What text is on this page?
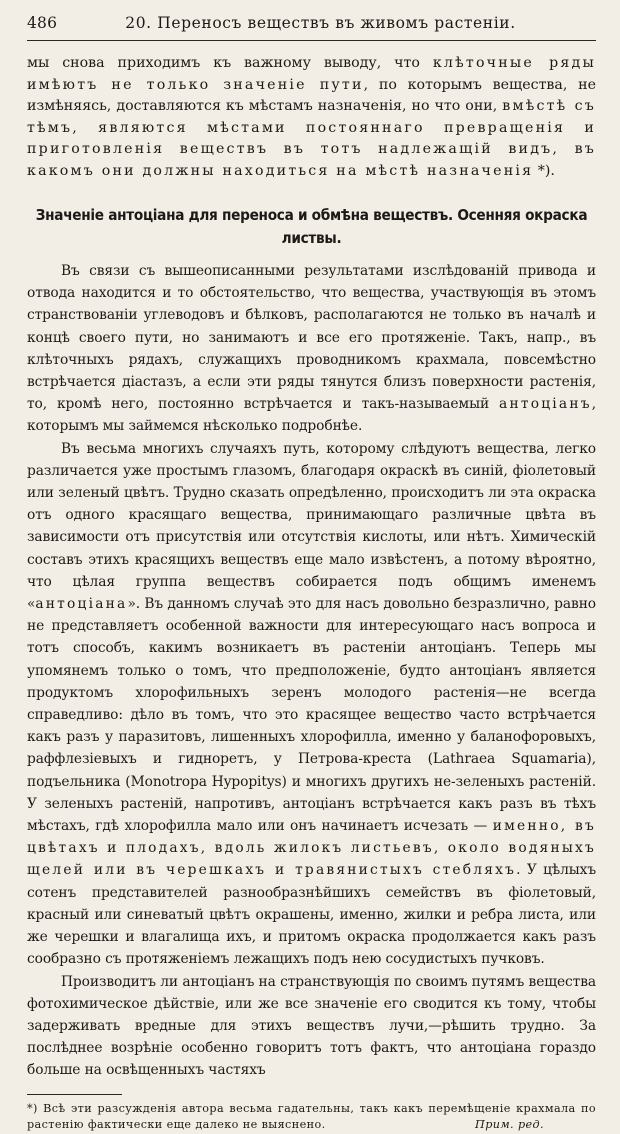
486	20. Переносъ веществъ въ живомъ растеніи.
мы снова приходимъ къ важному выводу, что клѣточные ряды имѣютъ не только значеніе пути, по которымъ вещества, не измѣняясь, доставляются къ мѣстамъ назначенія, но что они, вмѣстѣ съ тѣмъ, являются мѣстами постояннаго превращенія и приготовленія веществъ въ тотъ надлежащій видъ, въ какомъ они должны находиться на мѣстѣ назначенія *).
Значеніе антоціана для переноса и обмѣна веществъ. Осенняя окраска листвы.

Въ связи съ вышеописанными результатами изслѣдованій привода и отвода находится и то обстоятельство, что вещества, участвующія въ этомъ странствованіи углеводовъ и бѣлковъ, располагаются не только въ началѣ и концѣ своего пути, но занимаютъ и все его протяженіе. Такъ, напр., въ клѣточныхъ рядахъ, служащихъ проводникомъ крахмала, повсемѣстно встрѣчается діастазъ, а если эти ряды тянутся близъ поверхности растенія, то, кромѣ него, постоянно встрѣчается и такъ-называемый антоціанъ, которымъ мы займемся нѣсколько подробнѣе.

Въ весьма многихъ случаяхъ путь, которому слѣдуютъ вещества, легко различается уже простымъ глазомъ, благодаря окраскѣ въ синій, фіолетовый или зеленый цвѣтъ. Трудно сказать опредѣленно, происходитъ ли эта окраска отъ одного красящаго вещества, принимающаго различные цвѣта въ зависимости отъ присутствія или отсутствія кислоты, или нѣтъ. Химическій составъ этихъ красящихъ веществъ еще мало извѣстенъ, а потому вѣроятно, что цѣлая группа веществъ собирается подъ общимъ именемъ «антоціана». Въ данномъ случаѣ это для насъ довольно безразлично, равно не представляетъ особенной важности для интересующаго насъ вопроса и тотъ способъ, какимъ возникаетъ въ растеніи антоціанъ. Теперь мы упомянемъ только о томъ, что предположеніе, будто антоціанъ является продуктомъ хлорофильныхъ зеренъ молодого растенія—не всегда справедливо: дѣло въ томъ, что это красящее вещество часто встрѣчается какъ разъ у паразитовъ, лишенныхъ хлорофилла, именно у баланофоровыхъ, раффлезіевыхъ и гидноретъ, у Петрова-креста (Lathraea Squamaria), подъельника (Monotropa Hypopitys) и многихъ другихъ не-зеленыхъ растеній. У зеленыхъ растеній, напротивъ, антоціанъ встрѣчается какъ разъ въ тѣхъ мѣстахъ, гдѣ хлорофилла мало или онъ начинаетъ исчезать — именно, въ цвѣтахъ и плодахъ, вдоль жилокъ листьевъ, около водяныхъ щелей или въ черешкахъ и травянистыхъ стебляхъ. У цѣлыхъ сотенъ представителей разнообразнѣйшихъ семействъ въ фіолетовый, красный или синеватый цвѣтъ окрашены, именно, жилки и ребра листа, или же черешки и влагалища ихъ, и притомъ окраска продолжается какъ разъ сообразно съ протяженіемъ лежащихъ подъ нею сосудистыхъ пучковъ.

Производитъ ли антоціанъ на странствующія по своимъ путямъ вещества фотохимическое дѣйствіе, или же все значеніе его сводится къ тому, чтобы задерживать вредные для этихъ веществъ лучи,—рѣшить трудно. За послѣднее возрѣніе особенно говоритъ тотъ фактъ, что антоціана гораздо больше на освѣщенныхъ частяхъ

*) Всѣ эти разсужденія автора весьма гадательны, такъ какъ перемѣщеніе крахмала по растенію фактически еще далеко не выяснено.	Прим. ред.
